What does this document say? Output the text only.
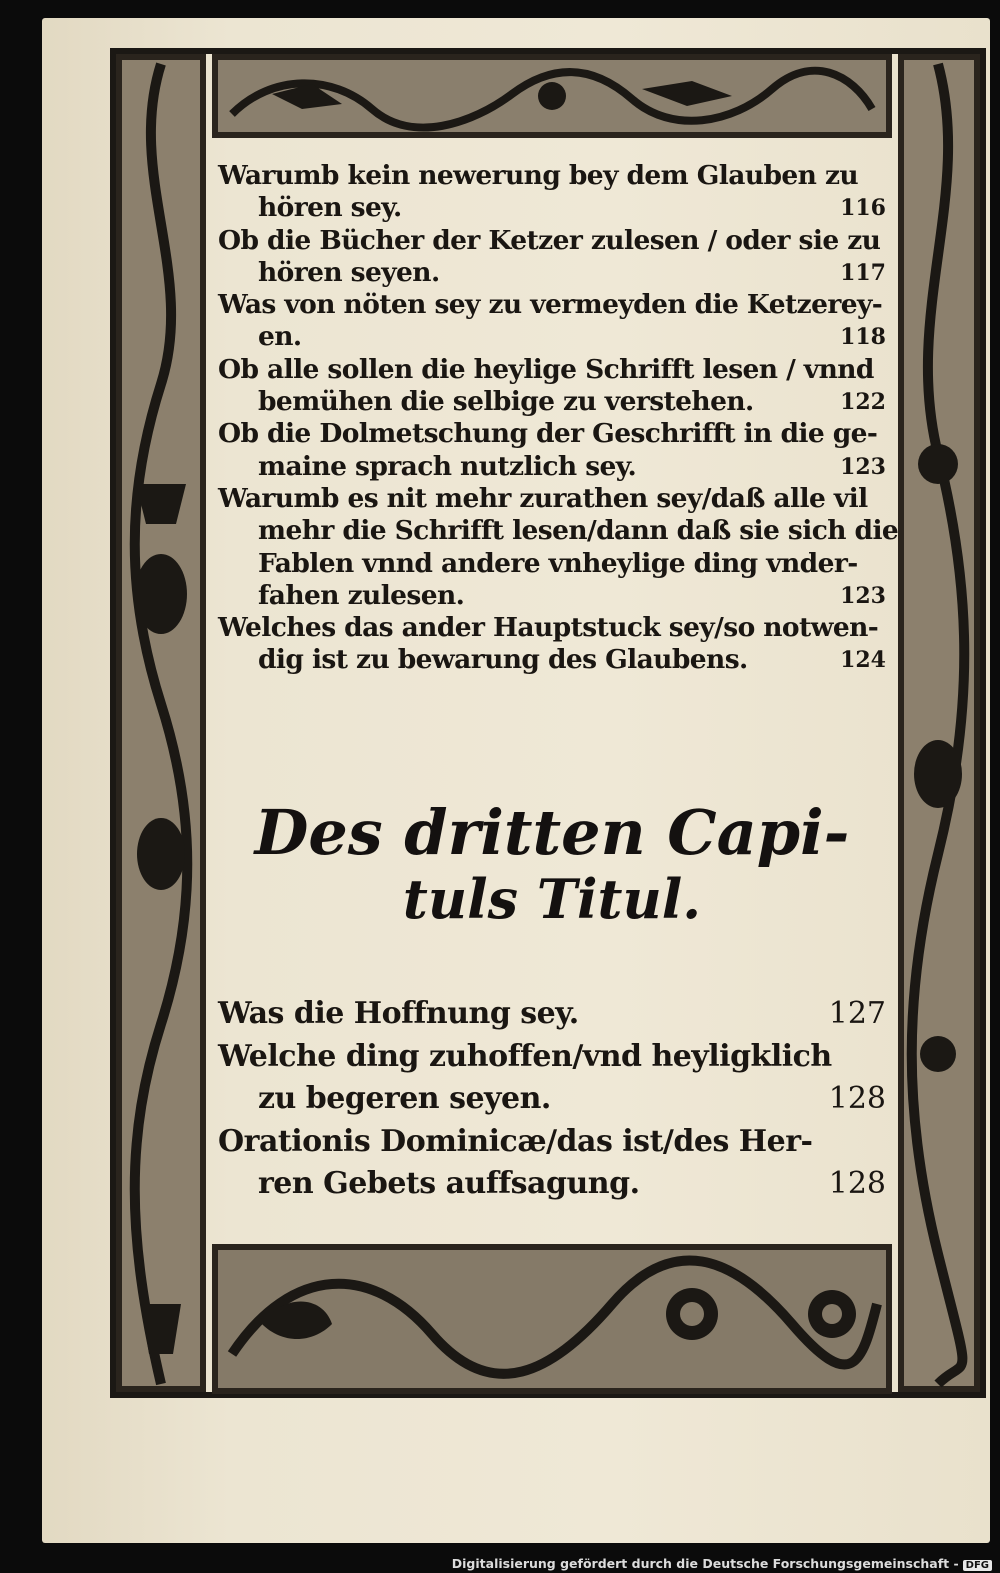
Warumb kein newerung bey dem Glauben zu
hören sey.	116
Ob die Bücher der Ketzer zulesen / oder sie zu
hören seyen.	117
Was von nöten sey zu vermeyden die Ketzerey-
en.	118
Ob alle sollen die heylige Schrifft lesen / vnnd
bemühen die selbige zu verstehen.	122
Ob die Dolmetschung der Geschrifft in die ge-
maine sprach nutzlich sey.	123
Warumb es nit mehr zurathen sey/daß alle vil
mehr die Schrifft lesen/dann daß sie sich die
Fablen vnnd andere vnheylige ding vnder-
fahen zulesen.	123
Welches das ander Hauptstuck sey/so notwen-
dig ist zu bewarung des Glaubens.	124
Des dritten Capi-
tuls Titul.
Was die Hoffnung sey.	127
Welche ding zuhoffen/vnd heyligklich
zu begeren seyen.	128
Orationis Dominicæ/das ist/des Her-
ren Gebets auffsagung.	128
Digitalisierung gefördert durch die Deutsche Forschungsgemeinschaft - DFG
